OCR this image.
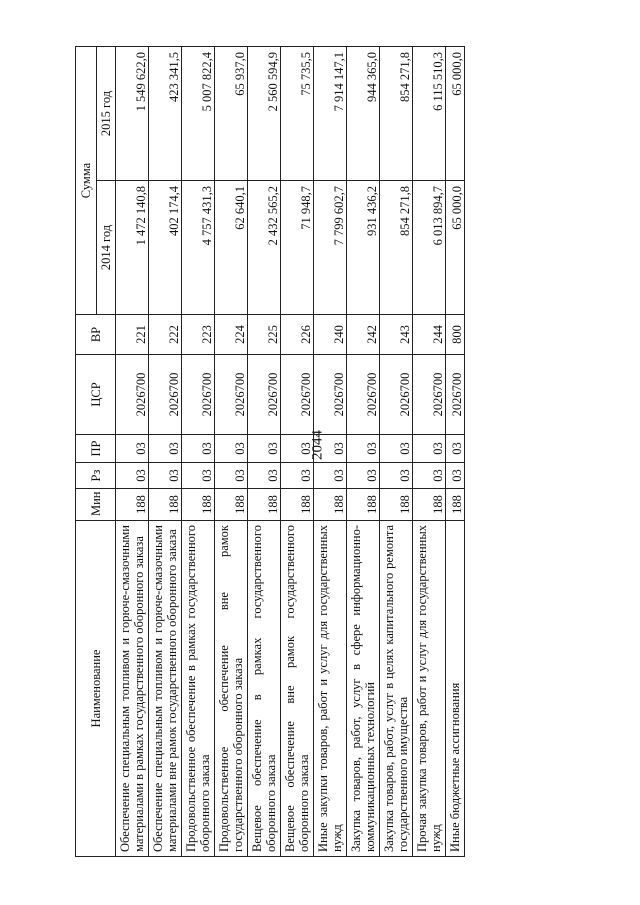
2044
Наименование	Мин	Рз	ПР	ЦСР	ВР	Сумма	
						2014 год	2015 год
Обеспечение специальным топливом и горюче-смазочными материалами в рамках государственного оборонного заказа	188	03	03	2026700	221	1 472 140,8	1 549 622,0
Обеспечение специальным топливом и горюче-смазочными материалами вне рамок государственного оборонного заказа	188	03	03	2026700	222	402 174,4	423 341,5
Продовольственное обеспечение в рамках государственного оборонного заказа	188	03	03	2026700	223	4 757 431,3	5 007 822,4
Продовольственное обеспечение вне рамок государственного оборонного заказа	188	03	03	2026700	224	62 640,1	65 937,0
Вещевое обеспечение в рамках государственного оборонного заказа	188	03	03	2026700	225	2 432 565,2	2 560 594,9
Вещевое обеспечение вне рамок государственного оборонного заказа	188	03	03	2026700	226	71 948,7	75 735,5
Иные закупки товаров, работ и услуг для государственных нужд	188	03	03	2026700	240	7 799 602,7	7 914 147,1
Закупка товаров, работ, услуг в сфере информационно-коммуникационных технологий	188	03	03	2026700	242	931 436,2	944 365,0
Закупка товаров, работ, услуг в целях капитального ремонта государственного имущества	188	03	03	2026700	243	854 271,8	854 271,8
Прочая закупка товаров, работ и услуг для государственных нужд	188	03	03	2026700	244	6 013 894,7	6 115 510,3
Иные бюджетные ассигнования	188	03	03	2026700	800	65 000,0	65 000,0
